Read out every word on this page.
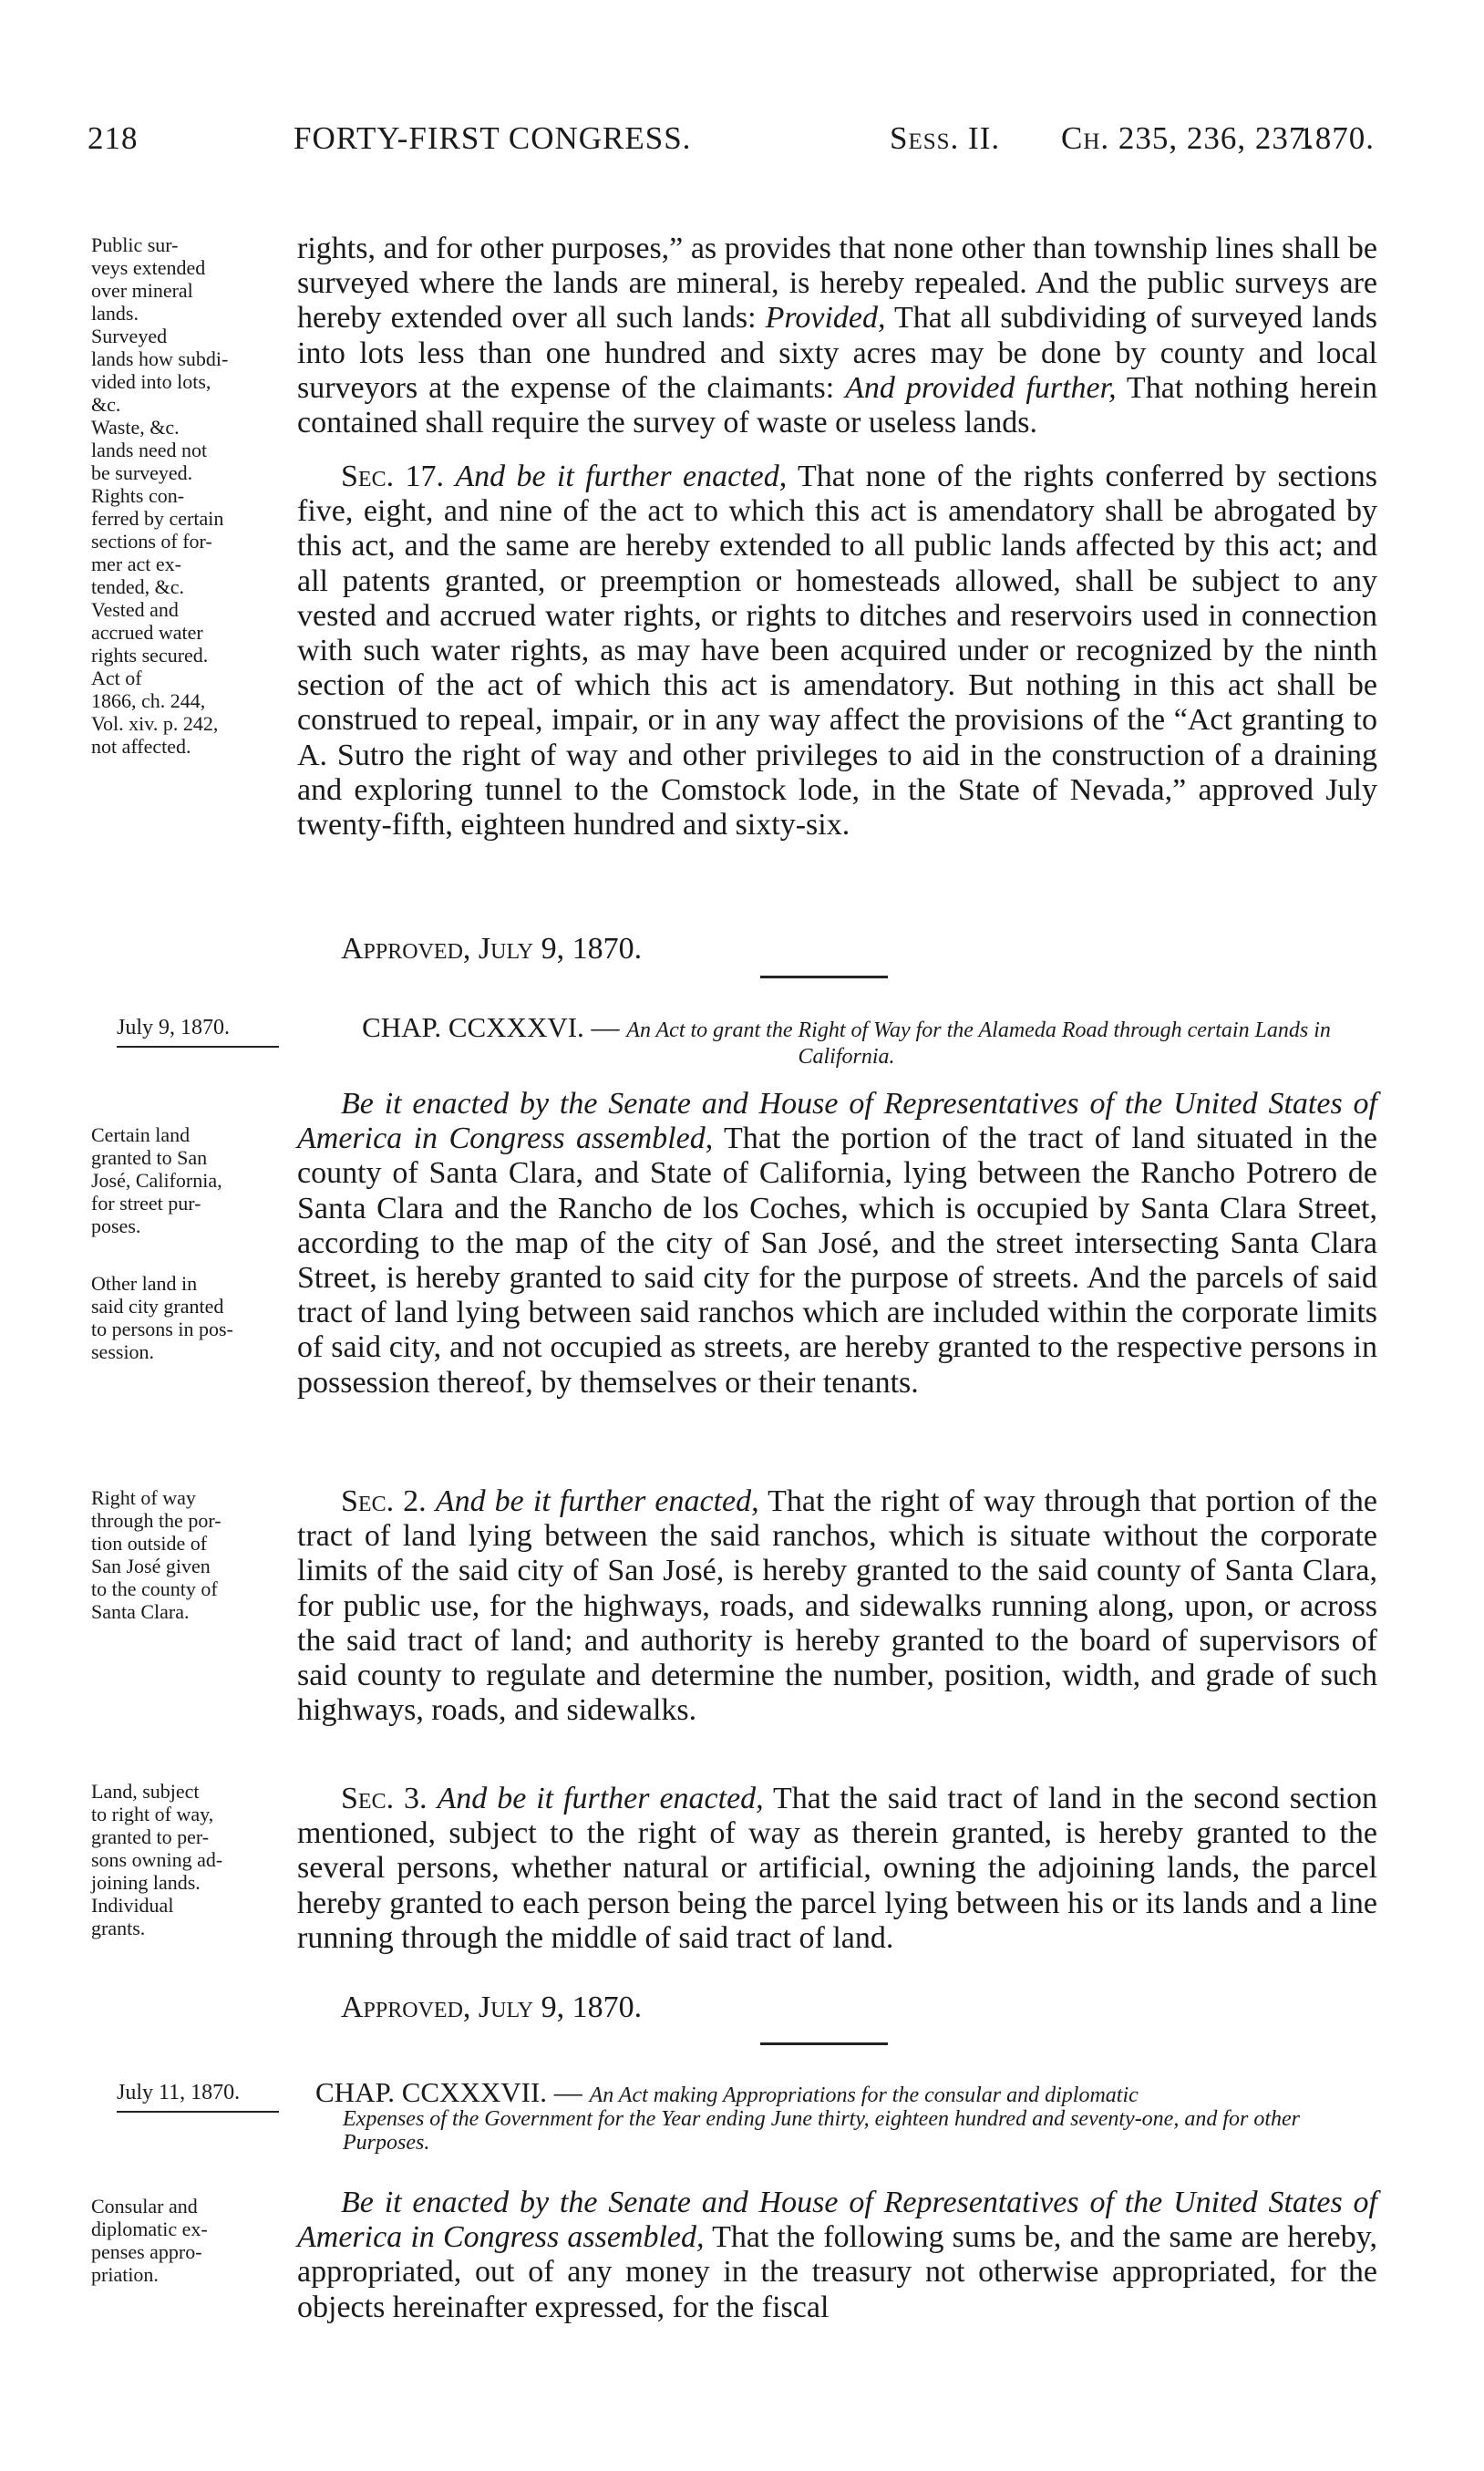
218	FORTY-FIRST CONGRESS.	Sess. II. Ch. 235, 236, 237.
1870.

Public sur-

veys extended

over mineral

lands.

Surveyed

lands how subdi-

vided into lots,

&c.

Waste, &c.

lands need not

be surveyed.

Rights con-

ferred by certain

sections of for-

mer act ex-

tended, &c.

Vested and

accrued water

rights secured.

Act of

1866, ch. 244,

Vol. xiv. p. 242,

not affected.

rights, and for other purposes,” as provides that none other than township lines shall be surveyed where the lands are mineral, is hereby repealed. And the public surveys are hereby extended over all such lands: Provided, That all subdividing of surveyed lands into lots less than one hundred and sixty acres may be done by county and local surveyors at the expense of the claimants: And provided further, That nothing herein contained shall require the survey of waste or useless lands.

Sec. 17. And be it further enacted, That none of the rights conferred by sections five, eight, and nine of the act to which this act is amendatory shall be abrogated by this act, and the same are hereby extended to all public lands affected by this act; and all patents granted, or preemption or homesteads allowed, shall be subject to any vested and accrued water rights, or rights to ditches and reservoirs used in connection with such water rights, as may have been acquired under or recognized by the ninth section of the act of which this act is amendatory. But nothing in this act shall be construed to repeal, impair, or in any way affect the provisions of the “Act granting to A. Sutro the right of way and other privileges to aid in the construction of a draining and exploring tunnel to the Comstock lode, in the State of Nevada,” approved July twenty-fifth, eighteen hundred and sixty-six.

Approved, July 9, 1870.

July 9, 1870.	CHAP. CCXXXVI. — An Act to grant the Right of Way for the Alameda Road through certain Lands in California.

Certain land

granted to San

José, California,

for street pur-

poses.

Other land in

said city granted

to persons in pos-

session.

Be it enacted by the Senate and House of Representatives of the United States of America in Congress assembled, That the portion of the tract of land situated in the county of Santa Clara, and State of California, lying between the Rancho Potrero de Santa Clara and the Rancho de los Coches, which is occupied by Santa Clara Street, according to the map of the city of San José, and the street intersecting Santa Clara Street, is hereby granted to said city for the purpose of streets. And the parcels of said tract of land lying between said ranchos which are included within the corporate limits of said city, and not occupied as streets, are hereby granted to the respective persons in possession thereof, by themselves or their tenants.

Right of way

through the por-

tion outside of

San José given

to the county of

Santa Clara.

Sec. 2. And be it further enacted, That the right of way through that portion of the tract of land lying between the said ranchos, which is situate without the corporate limits of the said city of San José, is hereby granted to the said county of Santa Clara, for public use, for the highways, roads, and sidewalks running along, upon, or across the said tract of land; and authority is hereby granted to the board of supervisors of said county to regulate and determine the number, position, width, and grade of such highways, roads, and sidewalks.

Land, subject

to right of way,

granted to per-

sons owning ad-

joining lands.

Individual

grants.

Sec. 3. And be it further enacted, That the said tract of land in the second section mentioned, subject to the right of way as therein granted, is hereby granted to the several persons, whether natural or artificial, owning the adjoining lands, the parcel hereby granted to each person being the parcel lying between his or its lands and a line running through the middle of said tract of land.

Approved, July 9, 1870.

July 11, 1870.	CHAP. CCXXXVII. — An Act making Appropriations for the consular and diplomatic
Expenses of the Government for the Year ending June thirty, eighteen hundred and seventy-one, and for other Purposes.

Consular and

diplomatic ex-

penses appro-

priation.

Be it enacted by the Senate and House of Representatives of the United States of America in Congress assembled, That the following sums be, and the same are hereby, appropriated, out of any money in the treasury not otherwise appropriated, for the objects hereinafter expressed, for the fiscal
